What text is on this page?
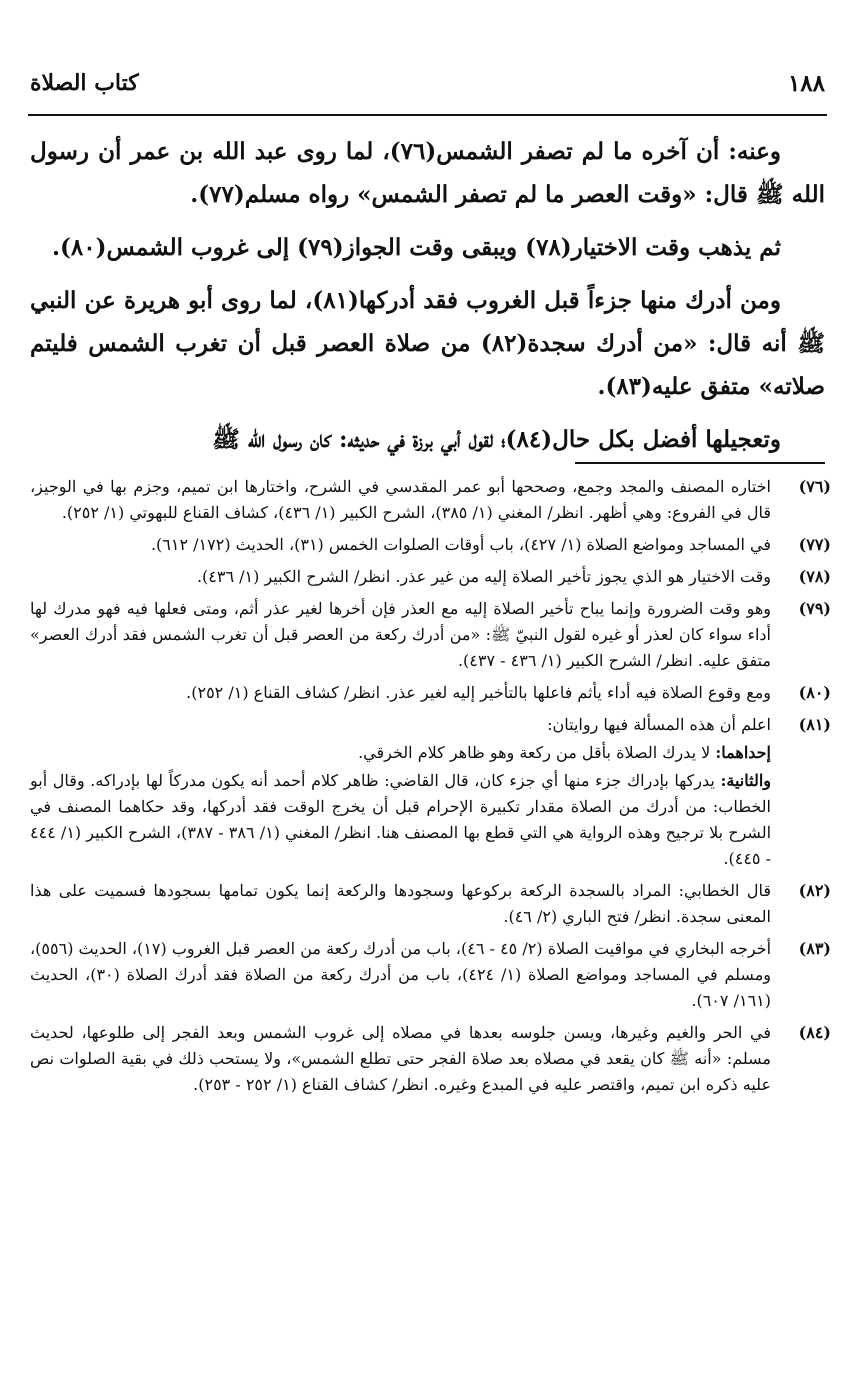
١٨٨
كتاب الصلاة

وعنه: أن آخره ما لم تصفر الشمس(٧٦)، لما روى عبد الله بن عمر أن رسول الله ﷺ قال: «وقت العصر ما لم تصفر الشمس» رواه مسلم(٧٧).

ثم يذهب وقت الاختيار(٧٨) ويبقى وقت الجواز(٧٩) إلى غروب الشمس(٨٠).

ومن أدرك منها جزءاً قبل الغروب فقد أدركها(٨١)، لما روى أبو هريرة عن النبي ﷺ أنه قال: «من أدرك سجدة(٨٢) من صلاة العصر قبل أن تغرب الشمس فليتم صلاته» متفق عليه(٨٣).

وتعجيلها أفضل بكل حال(٨٤)؛ لقول أبي برزة في حديثه: كان رسول الله ﷺ

(٧٦)

اختاره المصنف والمجد وجمع، وصححها أبو عمر المقدسي في الشرح، واختارها ابن تميم، وجزم بها في الوجيز، قال في الفروع: وهي أظهر. انظر/ المغني (١/ ٣٨٥)، الشرح الكبير (١/ ٤٣٦)، كشاف القناع للبهوتي (١/ ٢٥٢).

(٧٧)

في المساجد ومواضع الصلاة (١/ ٤٢٧)، باب أوقات الصلوات الخمس (٣١)، الحديث (١٧٢/ ٦١٢).

(٧٨)

وقت الاختيار هو الذي يجوز تأخير الصلاة إليه من غير عذر. انظر/ الشرح الكبير (١/ ٤٣٦).

(٧٩)

وهو وقت الضرورة وإنما يباح تأخير الصلاة إليه مع العذر فإن أخرها لغير عذر أثم، ومتى فعلها فيه فهو مدرك لها أداء سواء كان لعذر أو غيره لقول النبيّ ﷺ: «من أدرك ركعة من العصر قبل أن تغرب الشمس فقد أدرك العصر» متفق عليه. انظر/ الشرح الكبير (١/ ٤٣٦ - ٤٣٧).

(٨٠)

ومع وقوع الصلاة فيه أداء يأثم فاعلها بالتأخير إليه لغير عذر. انظر/ كشاف القناع (١/ ٢٥٢).

(٨١)

اعلم أن هذه المسألة فيها روايتان:

إحداهما: لا يدرك الصلاة بأقل من ركعة وهو ظاهر كلام الخرقي.

والثانية: يدركها بإدراك جزء منها أي جزء كان، قال القاضي: ظاهر كلام أحمد أنه يكون مدركاً لها بإدراكه. وقال أبو الخطاب: من أدرك من الصلاة مقدار تكبيرة الإحرام قبل أن يخرج الوقت فقد أدركها، وقد حكاهما المصنف في الشرح بلا ترجيح وهذه الرواية هي التي قطع بها المصنف هنا. انظر/ المغني (١/ ٣٨٦ - ٣٨٧)، الشرح الكبير (١/ ٤٤٤ - ٤٤٥).

(٨٢)

قال الخطابي: المراد بالسجدة الركعة بركوعها وسجودها والركعة إنما يكون تمامها بسجودها فسميت على هذا المعنى سجدة. انظر/ فتح الباري (٢/ ٤٦).

(٨٣)

أخرجه البخاري في مواقيت الصلاة (٢/ ٤٥ - ٤٦)، باب من أدرك ركعة من العصر قبل الغروب (١٧)، الحديث (٥٥٦)، ومسلم في المساجد ومواضع الصلاة (١/ ٤٢٤)، باب من أدرك ركعة من الصلاة فقد أدرك الصلاة (٣٠)، الحديث (١٦١/ ٦٠٧).

(٨٤)

في الحر والغيم وغيرها، ويسن جلوسه بعدها في مصلاه إلى غروب الشمس وبعد الفجر إلى طلوعها، لحديث مسلم: «أنه ﷺ كان يقعد في مصلاه بعد صلاة الفجر حتى تطلع الشمس»، ولا يستحب ذلك في بقية الصلوات نص عليه ذكره ابن تميم، واقتصر عليه في المبدع وغيره. انظر/ كشاف القناع (١/ ٢٥٢ - ٢٥٣).
